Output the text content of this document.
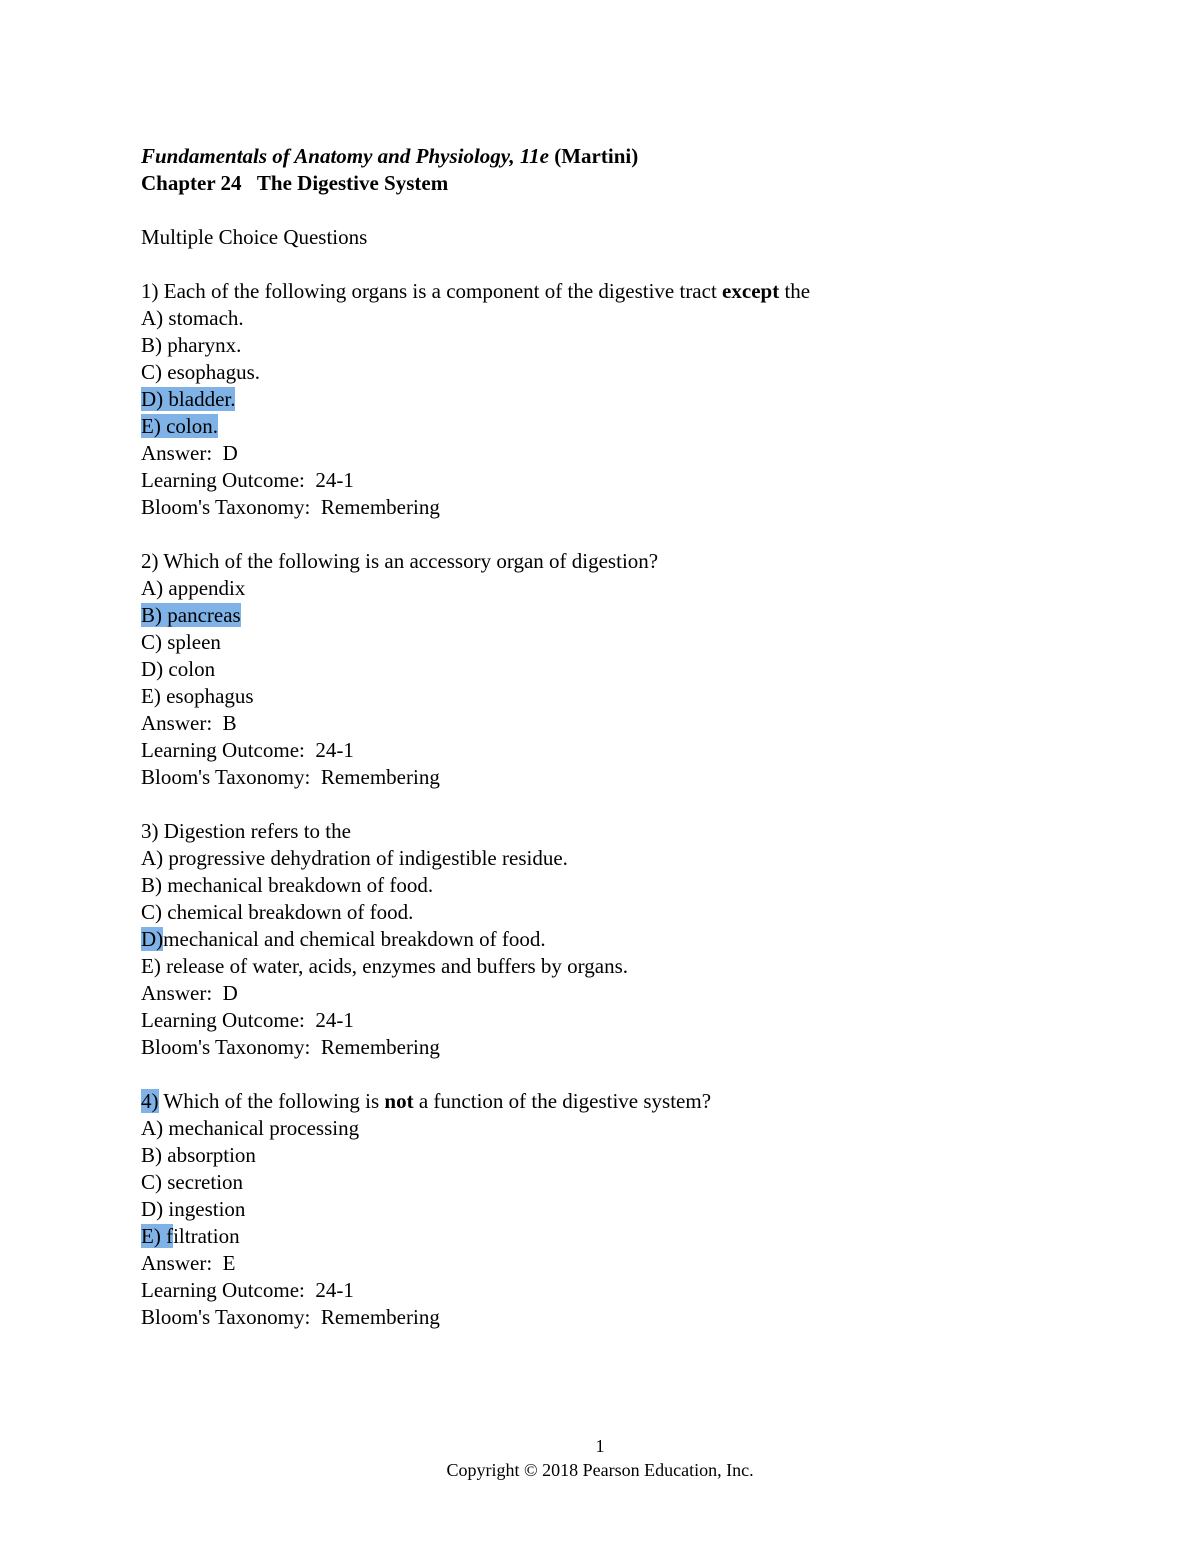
Fundamentals of Anatomy and Physiology, 11e (Martini)
Chapter 24   The Digestive System
Multiple Choice Questions
1) Each of the following organs is a component of the digestive tract except the
A) stomach.
B) pharynx.
C) esophagus.
D) bladder.
E) colon.
Answer:  D
Learning Outcome:  24-1
Bloom's Taxonomy:  Remembering
2) Which of the following is an accessory organ of digestion?
A) appendix
B) pancreas
C) spleen
D) colon
E) esophagus
Answer:  B
Learning Outcome:  24-1
Bloom's Taxonomy:  Remembering
3) Digestion refers to the
A) progressive dehydration of indigestible residue.
B) mechanical breakdown of food.
C) chemical breakdown of food.
D)mechanical and chemical breakdown of food.
E) release of water, acids, enzymes and buffers by organs.
Answer:  D
Learning Outcome:  24-1
Bloom's Taxonomy:  Remembering
4) Which of the following is not a function of the digestive system?
A) mechanical processing
B) absorption
C) secretion
D) ingestion
E) filtration
Answer:  E
Learning Outcome:  24-1
Bloom's Taxonomy:  Remembering
1
Copyright © 2018 Pearson Education, Inc.
